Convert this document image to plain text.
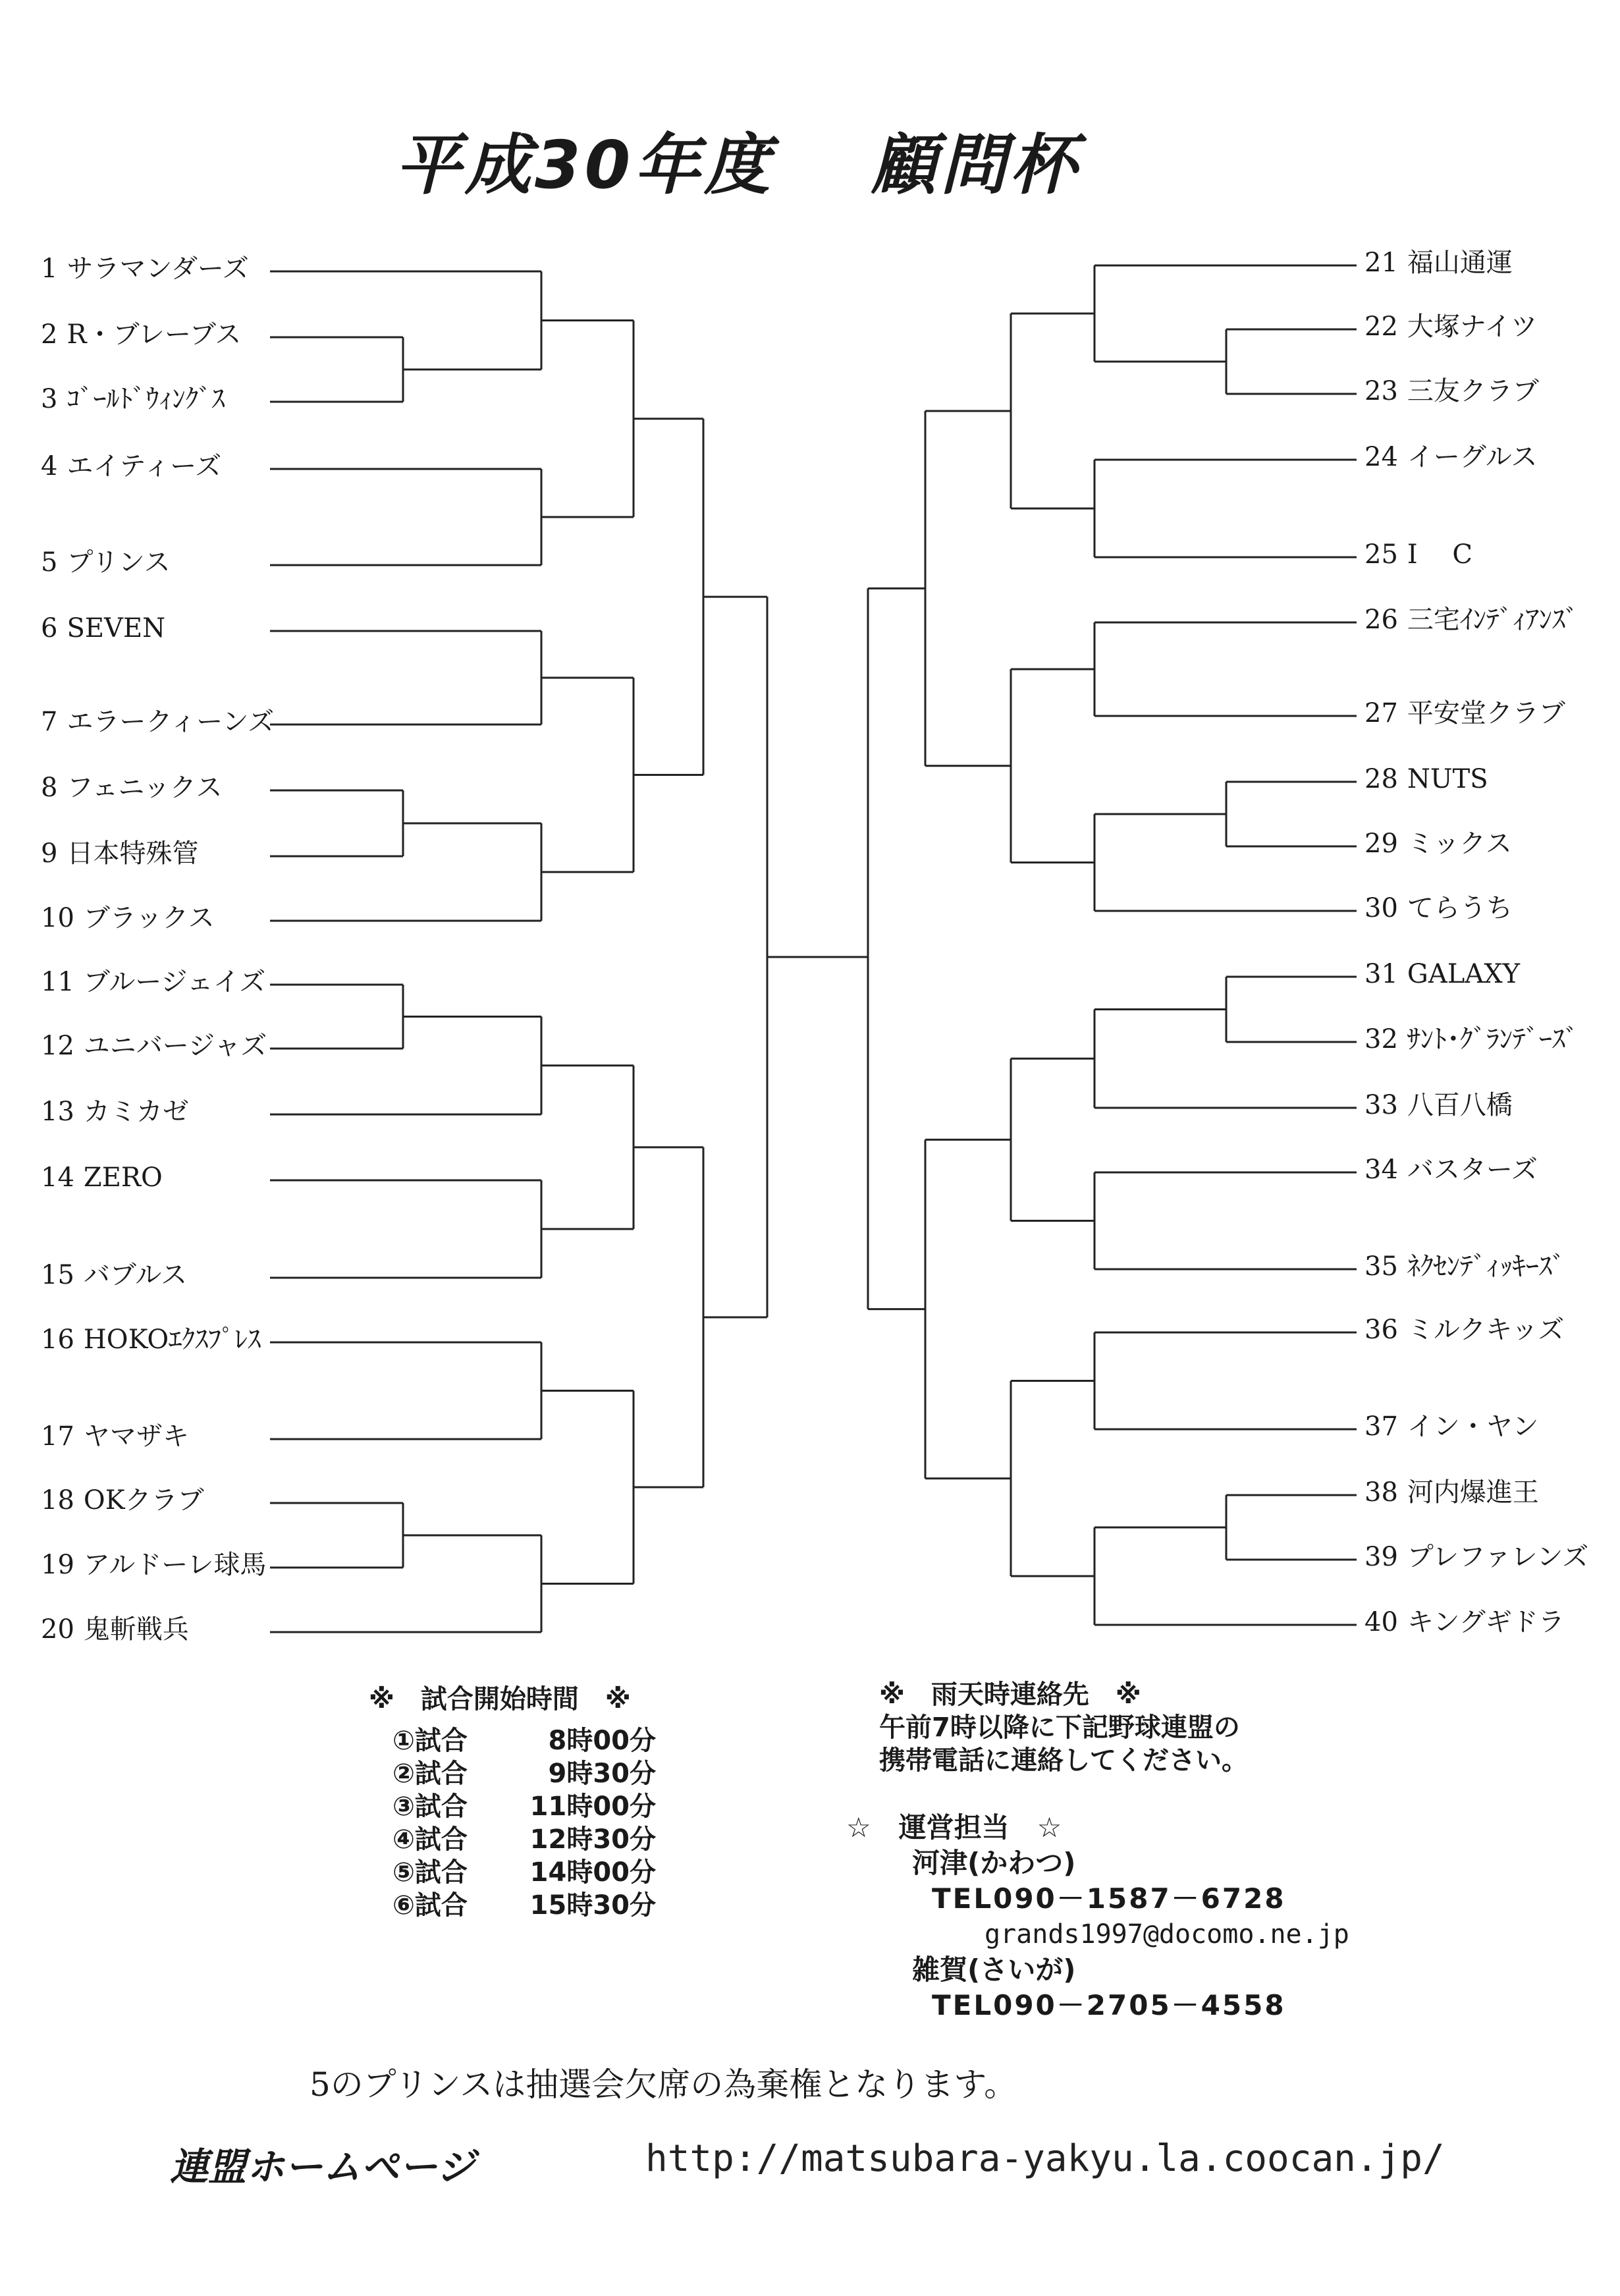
平成30年度　 顧問杯
1 サラマンダーズ
2 R・ブレーブス
3 ｺﾞｰﾙﾄﾞｳｨﾝｸﾞｽ
4 エイティーズ
5 プリンス
6 SEVEN
7 エラークィーンズ
8 フェニックス
9 日本特殊管
10 ブラックス
11 ブルージェイズ
12 ユニバージャズ
13 カミカゼ
14 ZERO
15 バブルス
16 HOKOｴｸｽﾌﾟﾚｽ
17 ヤマザキ
18 OKクラブ
19 アルドーレ球馬
20 鬼斬戦兵
21 福山通運
22 大塚ナイツ
23 三友クラブ
24 イーグルス
25 I　 C
26 三宅ｲﾝﾃﾞｨｱﾝｽﾞ
27 平安堂クラブ
28 NUTS
29 ミックス
30 てらうち
31 GALAXY
32 ｻﾝﾄ･ｸﾞﾗﾝﾃﾞｰｽﾞ
33 八百八橋
34 バスターズ
35 ﾈｸｾﾝﾃﾞｨｯｷｰｽﾞ
36 ミルクキッズ
37 イン・ヤン
38 河内爆進王
39 プレファレンズ
40 キングギドラ
※　試合開始時間　※
①試合	8時00分
②試合	9時30分
③試合 11時00分
④試合 12時30分
⑤試合 14時00分
⑥試合 15時30分
※　雨天時連絡先　※
午前7時以降に下記野球連盟の
携帯電話に連絡してください。
☆　運営担当　☆
河津(かわつ)
TEL090－1587－6728
grands1997@docomo.ne.jp
雑賀(さいが)
TEL090－2705－4558
5のプリンスは抽選会欠席の為棄権となります。
連盟ホームページ	http://matsubara-yakyu.la.coocan.jp/
